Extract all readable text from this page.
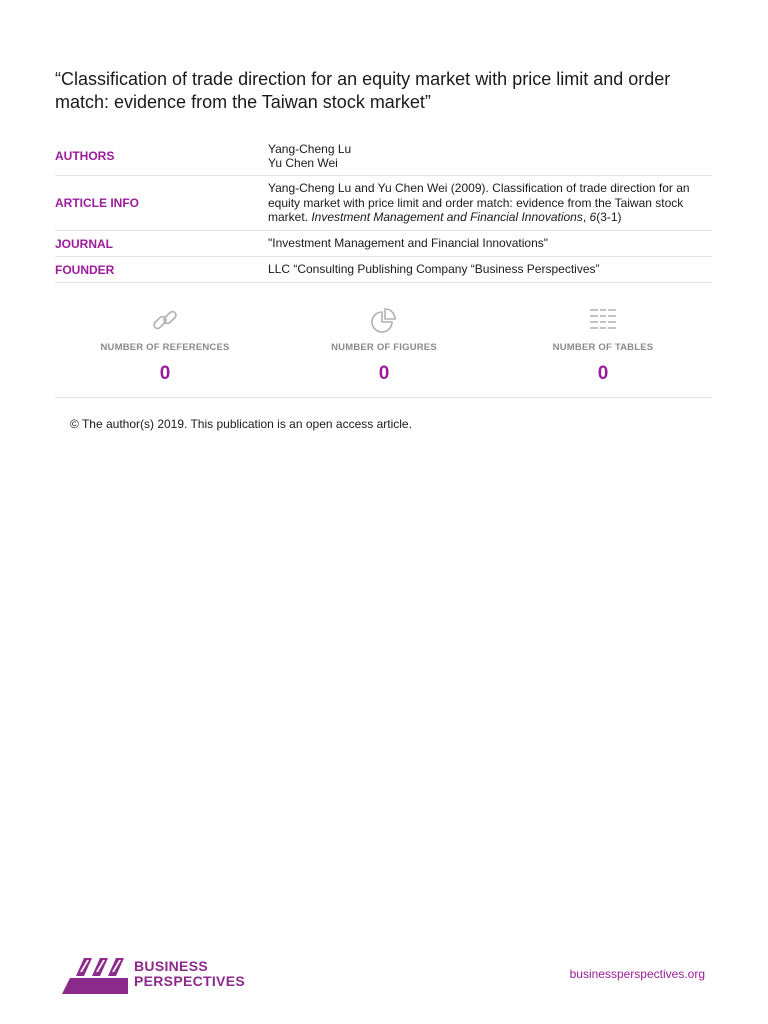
“Classification of trade direction for an equity market with price limit and order match: evidence from the Taiwan stock market”
AUTHORS	Yang-Cheng Lu
Yu Chen Wei

ARTICLE INFO	Yang-Cheng Lu and Yu Chen Wei (2009). Classification of trade direction for an equity market with price limit and order match: evidence from the Taiwan stock market. Investment Management and Financial Innovations, 6(3-1)
JOURNAL	"Investment Management and Financial Innovations"
FOUNDER	LLC “Consulting Publishing Company “Business Perspectives”
NUMBER OF REFERENCES
0
NUMBER OF FIGURES
0
NUMBER OF TABLES
0
© The author(s) 2019. This publication is an open access article.
BUSINESS
PERSPECTIVES	businessperspectives.org
